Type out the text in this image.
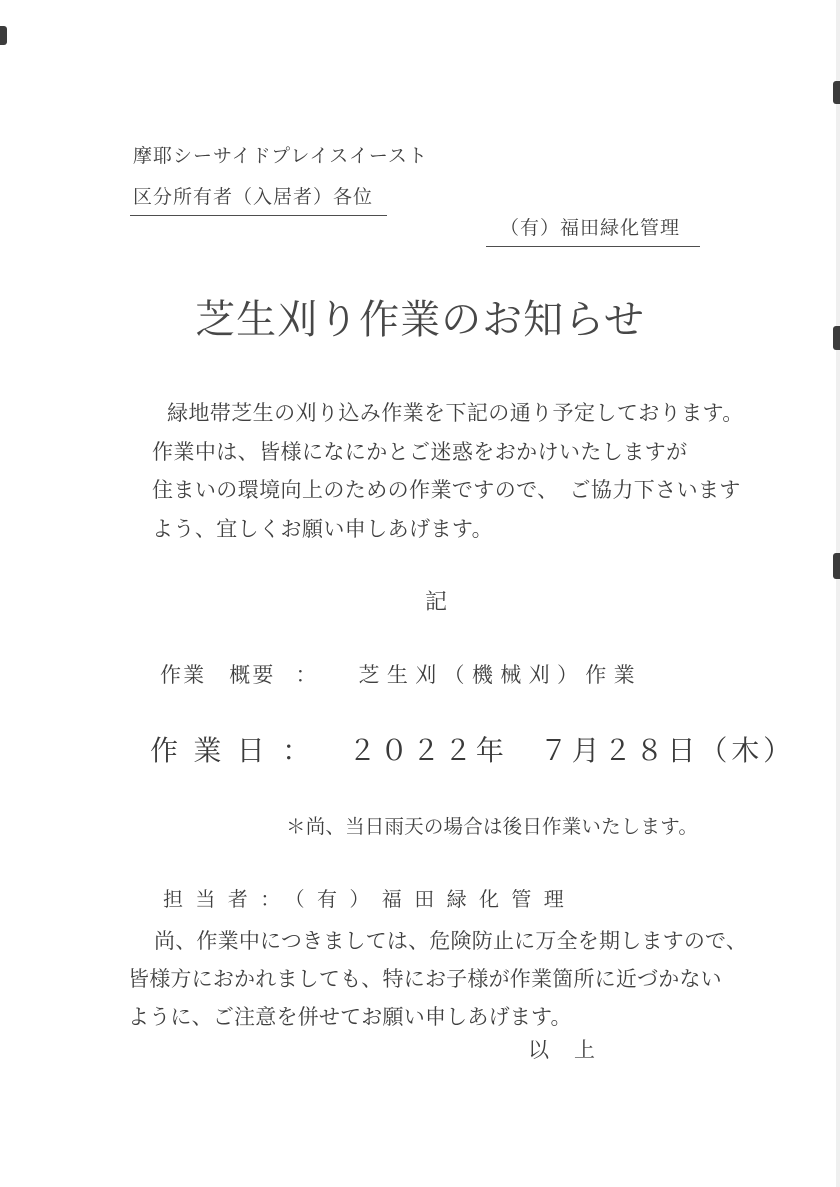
摩耶シーサイドプレイスイースト
区分所有者（入居者）各位
（有）福田緑化管理
芝生刈り作業のお知らせ
緑地帯芝生の刈り込み作業を下記の通り予定しております。
作業中は、皆様になにかとご迷惑をおかけいたしますが
住まいの環境向上のための作業ですので、　ご協力下さいます
よう、宜しくお願い申しあげます。
記
作業　概要 ： 芝生刈（機械刈）作業
作業日： ２０２２年　７月２８日（木）
＊尚、当日雨天の場合は後日作業いたします。
担当者： （有）福田緑化管理
尚、作業中につきましては、危険防止に万全を期しますので、
皆様方におかれましても、特にお子様が作業箇所に近づかない
ように、ご注意を併せてお願い申しあげます。
以　上
